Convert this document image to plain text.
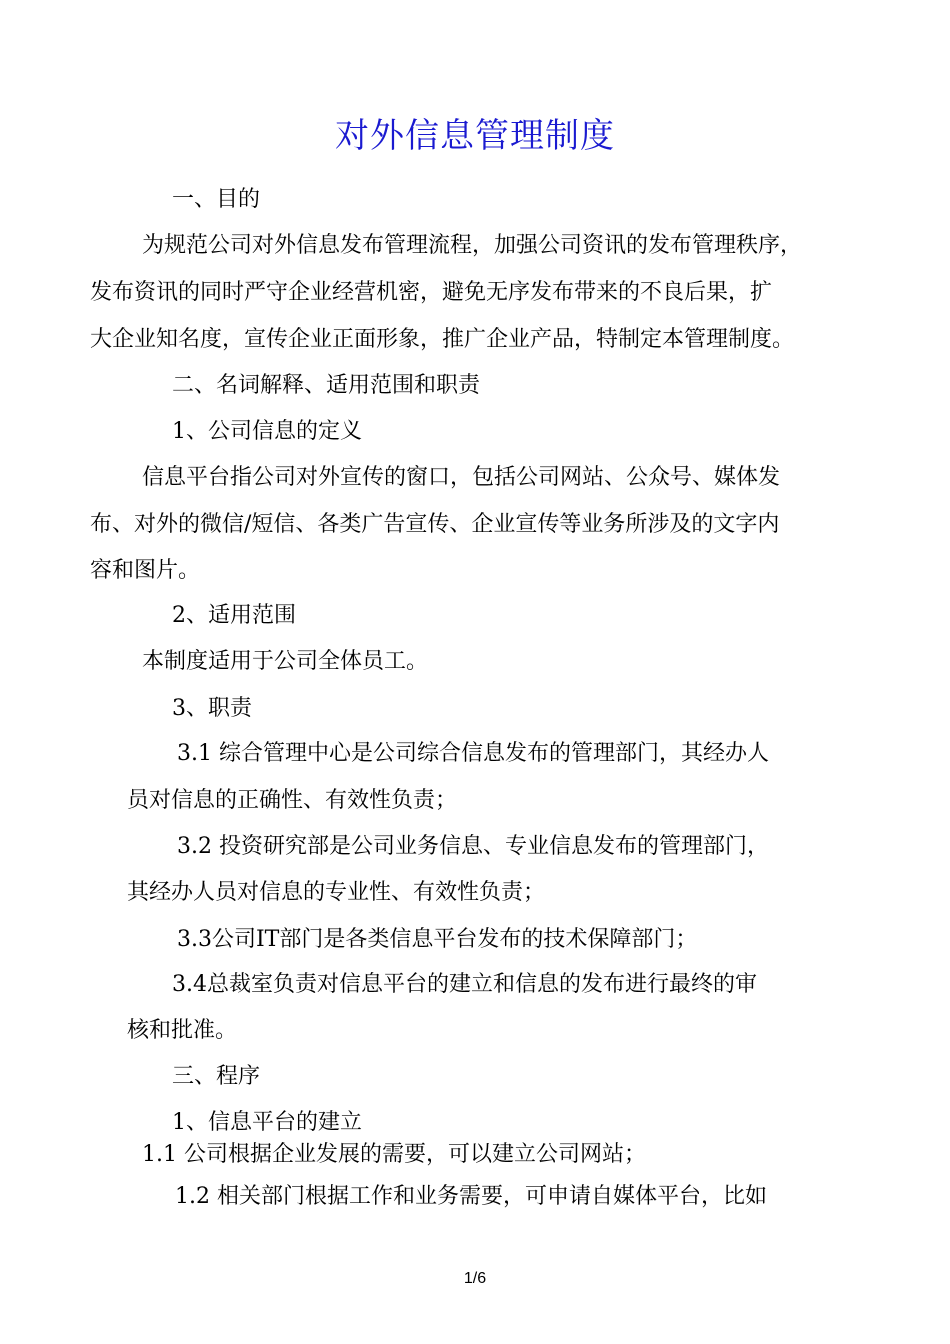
对外信息管理制度
一、目的
为规范公司对外信息发布管理流程，加强公司资讯的发布管理秩序，
发布资讯的同时严守企业经营机密，避免无序发布带来的不良后果，扩
大企业知名度，宣传企业正面形象，推广企业产品，特制定本管理制度。
二、名词解释、适用范围和职责
1、公司信息的定义
信息平台指公司对外宣传的窗口，包括公司网站、公众号、媒体发
布、对外的微信/短信、各类广告宣传、企业宣传等业务所涉及的文字内
容和图片。
2、适用范围
本制度适用于公司全体员工。
3、职责
3.1 综合管理中心是公司综合信息发布的管理部门，其经办人
员对信息的正确性、有效性负责；
3.2 投资研究部是公司业务信息、专业信息发布的管理部门，
其经办人员对信息的专业性、有效性负责；
3.3公司IT部门是各类信息平台发布的技术保障部门；
3.4总裁室负责对信息平台的建立和信息的发布进行最终的审
核和批准。
三、程序
1、信息平台的建立
1.1 公司根据企业发展的需要，可以建立公司网站；
1.2 相关部门根据工作和业务需要，可申请自媒体平台，比如
1/6
